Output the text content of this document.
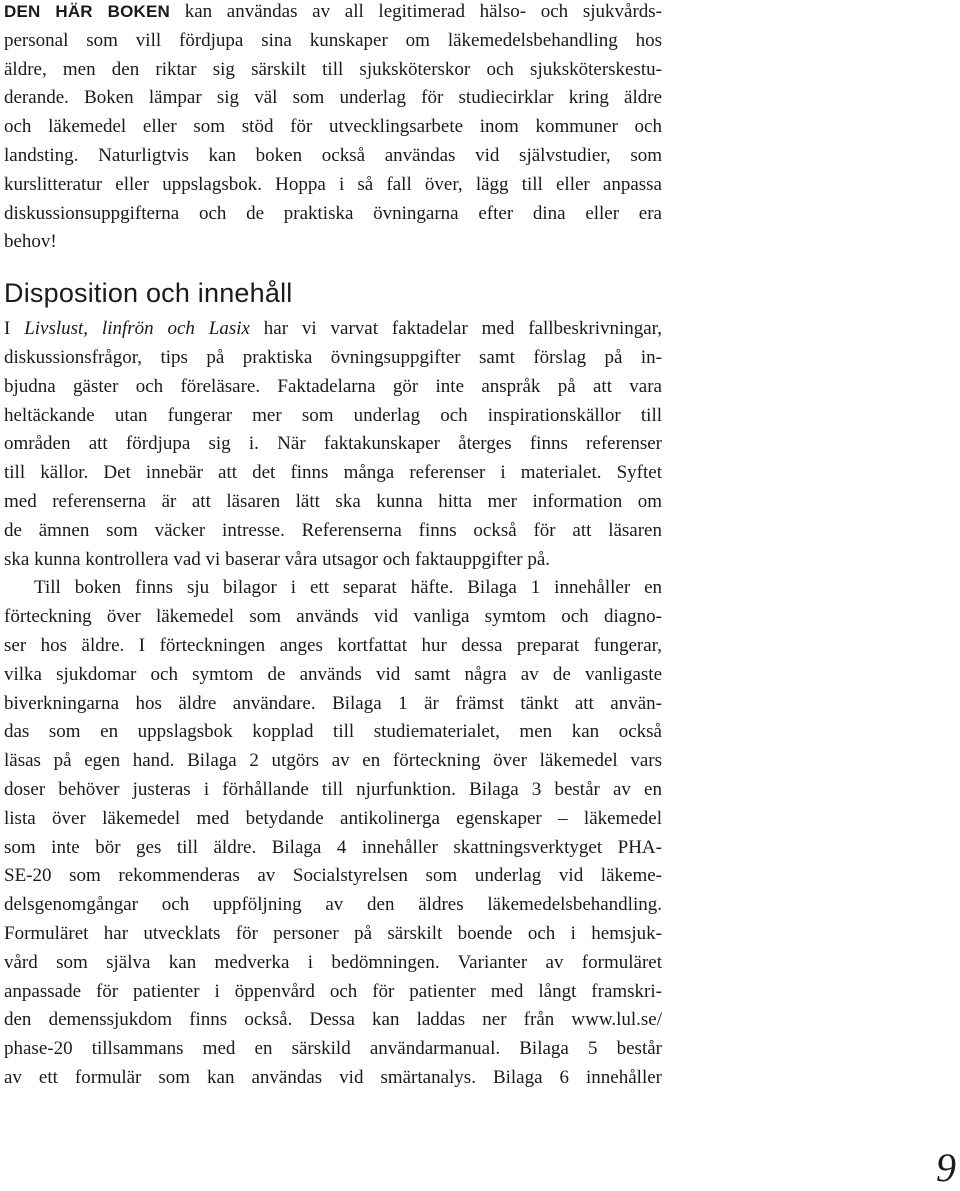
DEN HÄR BOKEN kan användas av all legitimerad hälso- och sjukvårds-
personal som vill fördjupa sina kunskaper om läkemedelsbehandling hos
äldre, men den riktar sig särskilt till sjuksköterskor och sjuksköterskestu-
derande. Boken lämpar sig väl som underlag för studiecirklar kring äldre
och läkemedel eller som stöd för utvecklingsarbete inom kommuner och
landsting. Naturligtvis kan boken också användas vid självstudier, som
kurslitteratur eller uppslagsbok. Hoppa i så fall över, lägg till eller anpassa
diskussionsuppgifterna och de praktiska övningarna efter dina eller era
behov!

Disposition och innehåll

I Livslust, linfrön och Lasix har vi varvat faktadelar med fallbeskrivningar,
diskussionsfrågor, tips på praktiska övningsuppgifter samt förslag på in-
bjudna gäster och föreläsare. Faktadelarna gör inte anspråk på att vara
heltäckande utan fungerar mer som underlag och inspirationskällor till
områden att fördjupa sig i. När faktakunskaper återges finns referenser
till källor. Det innebär att det finns många referenser i materialet. Syftet
med referenserna är att läsaren lätt ska kunna hitta mer information om
de ämnen som väcker intresse. Referenserna finns också för att läsaren
ska kunna kontrollera vad vi baserar våra utsagor och faktauppgifter på.

Till boken finns sju bilagor i ett separat häfte. Bilaga 1 innehåller en
förteckning över läkemedel som används vid vanliga symtom och diagno-
ser hos äldre. I förteckningen anges kortfattat hur dessa preparat fungerar,
vilka sjukdomar och symtom de används vid samt några av de vanligaste
biverkningarna hos äldre användare. Bilaga 1 är främst tänkt att använ-
das som en uppslagsbok kopplad till studiematerialet, men kan också
läsas på egen hand. Bilaga 2 utgörs av en förteckning över läkemedel vars
doser behöver justeras i förhållande till njurfunktion. Bilaga 3 består av en
lista över läkemedel med betydande antikolinerga egenskaper – läkemedel
som inte bör ges till äldre. Bilaga 4 innehåller skattningsverktyget PHA-
SE-20 som rekommenderas av Socialstyrelsen som underlag vid läkeme-
delsgenomgångar och uppföljning av den äldres läkemedelsbehandling.
Formuläret har utvecklats för personer på särskilt boende och i hemsjuk-
vård som själva kan medverka i bedömningen. Varianter av formuläret
anpassade för patienter i öppenvård och för patienter med långt framskri-
den demenssjukdom finns också. Dessa kan laddas ner från www.lul.se/
phase-20 tillsammans med en särskild användarmanual. Bilaga 5 består
av ett formulär som kan användas vid smärtanalys. Bilaga 6 innehåller

9
